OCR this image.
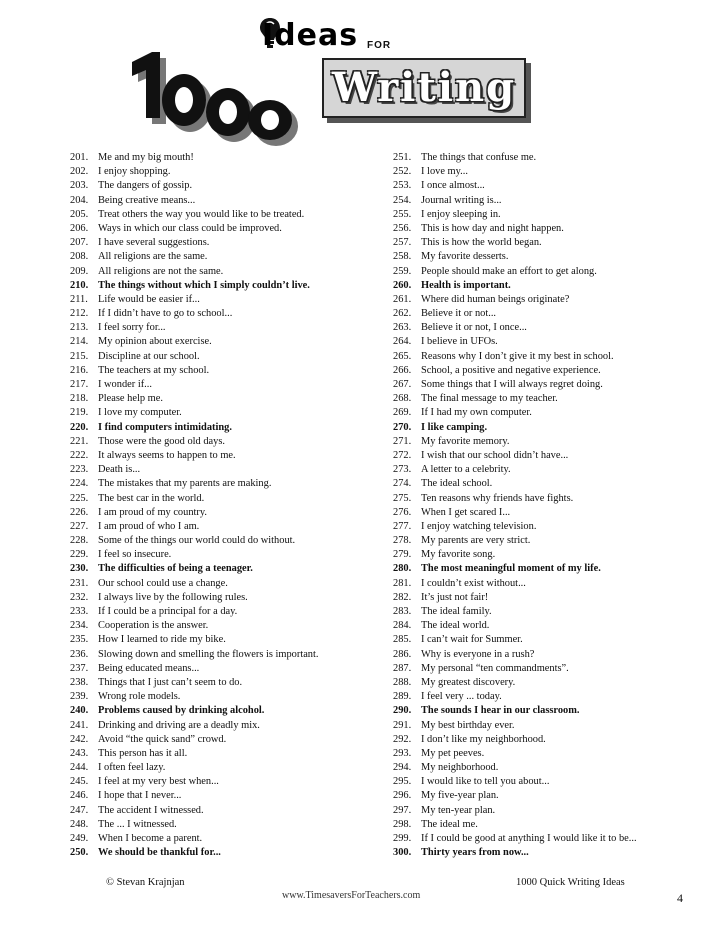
Ideas FOR
Writing
201. Me and my big mouth!
202. I enjoy shopping.
203. The dangers of gossip.
204. Being creative means...
205. Treat others the way you would like to be treated.
206. Ways in which our class could be improved.
207. I have several suggestions.
208. All religions are the same.
209. All religions are not the same.
210. The things without which I simply couldn’t live.
211. Life would be easier if...
212. If I didn’t have to go to school...
213. I feel sorry for...
214. My opinion about exercise.
215. Discipline at our school.
216. The teachers at my school.
217. I wonder if...
218. Please help me.
219. I love my computer.
220. I find computers intimidating.
221. Those were the good old days.
222. It always seems to happen to me.
223. Death is...
224. The mistakes that my parents are making.
225. The best car in the world.
226. I am proud of my country.
227. I am proud of who I am.
228. Some of the things our world could do without.
229. I feel so insecure.
230. The difficulties of being a teenager.
231. Our school could use a change.
232. I always live by the following rules.
233. If I could be a principal for a day.
234. Cooperation is the answer.
235. How I learned to ride my bike.
236. Slowing down and smelling the flowers is important.
237. Being educated means...
238. Things that I just can’t seem to do.
239. Wrong role models.
240. Problems caused by drinking alcohol.
241. Drinking and driving are a deadly mix.
242. Avoid “the quick sand” crowd.
243. This person has it all.
244. I often feel lazy.
245. I feel at my very best when...
246. I hope that I never...
247. The accident I witnessed.
248. The ... I witnessed.
249. When I become a parent.
250. We should be thankful for...
251. The things that confuse me.
252. I love my...
253. I once almost...
254. Journal writing is...
255. I enjoy sleeping in.
256. This is how day and night happen.
257. This is how the world began.
258. My favorite desserts.
259. People should make an effort to get along.
260. Health is important.
261. Where did human beings originate?
262. Believe it or not...
263. Believe it or not, I once...
264. I believe in UFOs.
265. Reasons why I don’t give it my best in school.
266. School, a positive and negative experience.
267. Some things that I will always regret doing.
268. The final message to my teacher.
269. If I had my own computer.
270. I like camping.
271. My favorite memory.
272. I wish that our school didn’t have...
273. A letter to a celebrity.
274. The ideal school.
275. Ten reasons why friends have fights.
276. When I get scared I...
277. I enjoy watching television.
278. My parents are very strict.
279. My favorite song.
280. The most meaningful moment of my life.
281. I couldn’t exist without...
282. It’s just not fair!
283. The ideal family.
284. The ideal world.
285. I can’t wait for Summer.
286. Why is everyone in a rush?
287. My personal “ten commandments”.
288. My greatest discovery.
289. I feel very ... today.
290. The sounds I hear in our classroom.
291. My best birthday ever.
292. I don’t like my neighborhood.
293. My pet peeves.
294. My neighborhood.
295. I would like to tell you about...
296. My five-year plan.
297. My ten-year plan.
298. The ideal me.
299. If I could be good at anything I would like it to be...
300. Thirty years from now...
© Stevan Krajnjan
www.TimesaversForTeachers.com
1000 Quick Writing Ideas
4
